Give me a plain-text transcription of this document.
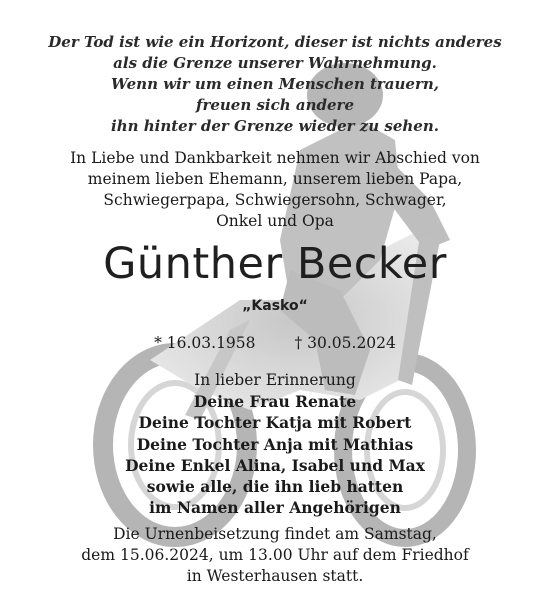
Der Tod ist wie ein Horizont, dieser ist nichts anderes
als die Grenze unserer Wahrnehmung.
Wenn wir um einen Menschen trauern,
freuen sich andere
ihn hinter der Grenze wieder zu sehen.
In Liebe und Dankbarkeit nehmen wir Abschied von
meinem lieben Ehemann, unserem lieben Papa,
Schwiegerpapa, Schwiegersohn, Schwager,
Onkel und Opa
Günther Becker
„Kasko“
* 16.03.1958	† 30.05.2024
In lieber Erinnerung
Deine Frau Renate
Deine Tochter Katja mit Robert
Deine Tochter Anja mit Mathias
Deine Enkel Alina, Isabel und Max
sowie alle, die ihn lieb hatten
im Namen aller Angehörigen
Die Urnenbeisetzung findet am Samstag,
dem 15.06.2024, um 13.00 Uhr auf dem Friedhof
in Westerhausen statt.
